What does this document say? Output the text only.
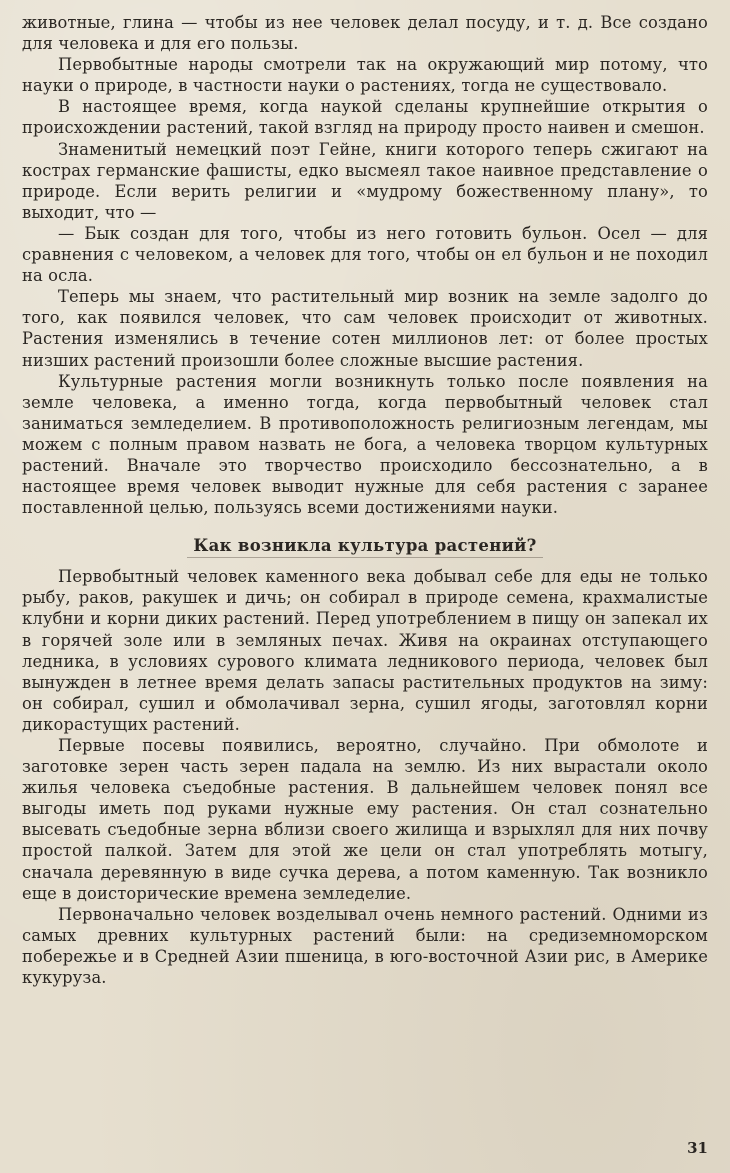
животные, глина — чтобы из нее человек делал посуду, и т. д. Все создано для человека и для его пользы.

Первобытные народы смотрели так на окружающий мир потому, что науки о природе, в частности науки о растениях, тогда не существовало.

В настоящее время, когда наукой сделаны крупнейшие открытия о происхождении растений, такой взгляд на природу просто наивен и смешон.

Знаменитый немецкий поэт Гейне, книги которого теперь сжигают на кострах германские фашисты, едко высмеял такое наивное представление о природе. Если верить религии и «мудрому божественному плану», то выходит, что —

— Бык создан для того, чтобы из него готовить бульон. Осел — для сравнения с человеком, а человек для того, чтобы он ел бульон и не походил на осла.

Теперь мы знаем, что растительный мир возник на земле задолго до того, как появился человек, что сам человек происходит от животных. Растения изменялись в течение сотен миллионов лет: от более простых низших растений произошли более сложные высшие растения.

Культурные растения могли возникнуть только после появления на земле человека, а именно тогда, когда первобытный человек стал заниматься земледелием. В противоположность религиозным легендам, мы можем с полным правом назвать не бога, а человека творцом культурных растений. Вначале это творчество происходило бессознательно, а в настоящее время человек выводит нужные для себя растения с заранее поставленной целью, пользуясь всеми достижениями науки.

Как возникла культура растений?

Первобытный человек каменного века добывал себе для еды не только рыбу, раков, ракушек и дичь; он собирал в природе семена, крахмалистые клубни и корни диких растений. Перед употреблением в пищу он запекал их в горячей золе или в земляных печах. Живя на окраинах отступающего ледника, в условиях сурового климата ледникового периода, человек был вынужден в летнее время делать запасы растительных продуктов на зиму: он собирал, сушил и обмолачивал зерна, сушил ягоды, заготовлял корни дикорастущих растений.

Первые посевы появились, вероятно, случайно. При обмолоте и заготовке зерен часть зерен падала на землю. Из них вырастали около жилья человека съедобные растения. В дальнейшем человек понял все выгоды иметь под руками нужные ему растения. Он стал сознательно высевать съедобные зерна вблизи своего жилища и взрыхлял для них почву простой палкой. Затем для этой же цели он стал употреблять мотыгу, сначала деревянную в виде сучка дерева, а потом каменную. Так возникло еще в доисторические времена земледелие.

Первоначально человек возделывал очень немного растений. Одними из самых древних культурных растений были: на средиземноморском побережье и в Средней Азии пшеница, в юго-восточной Азии рис, в Америке кукуруза.

31
